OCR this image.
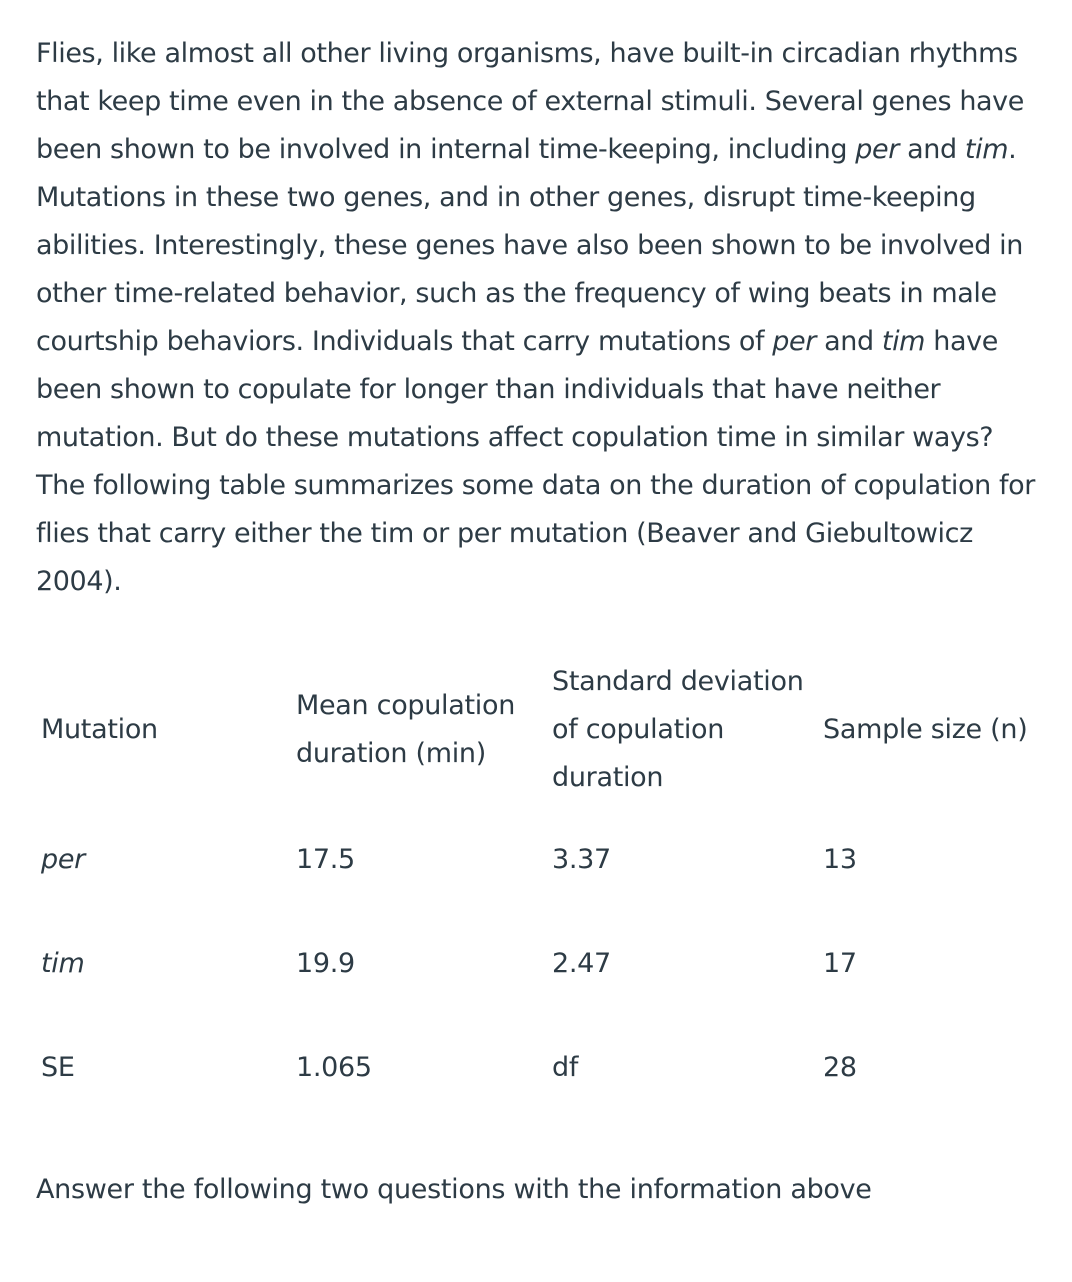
Flies, like almost all other living organisms, have built-in circadian rhythms that keep time even in the absence of external stimuli. Several genes have been shown to be involved in internal time-keeping, including per and tim. Mutations in these two genes, and in other genes, disrupt time-keeping abilities. Interestingly, these genes have also been shown to be involved in other time-related behavior, such as the frequency of wing beats in male courtship behaviors. Individuals that carry mutations of per and tim have been shown to copulate for longer than individuals that have neither mutation. But do these mutations affect copulation time in similar ways? The following table summarizes some data on the duration of copulation for flies that carry either the tim or per mutation (Beaver and Giebultowicz 2004).

Mutation	Mean copulation duration (min)	Standard deviation of copulation duration	Sample size (n)
per	17.5	3.37	13
tim	19.9	2.47	17
SE	1.065	df	28

Answer the following two questions with the information above
